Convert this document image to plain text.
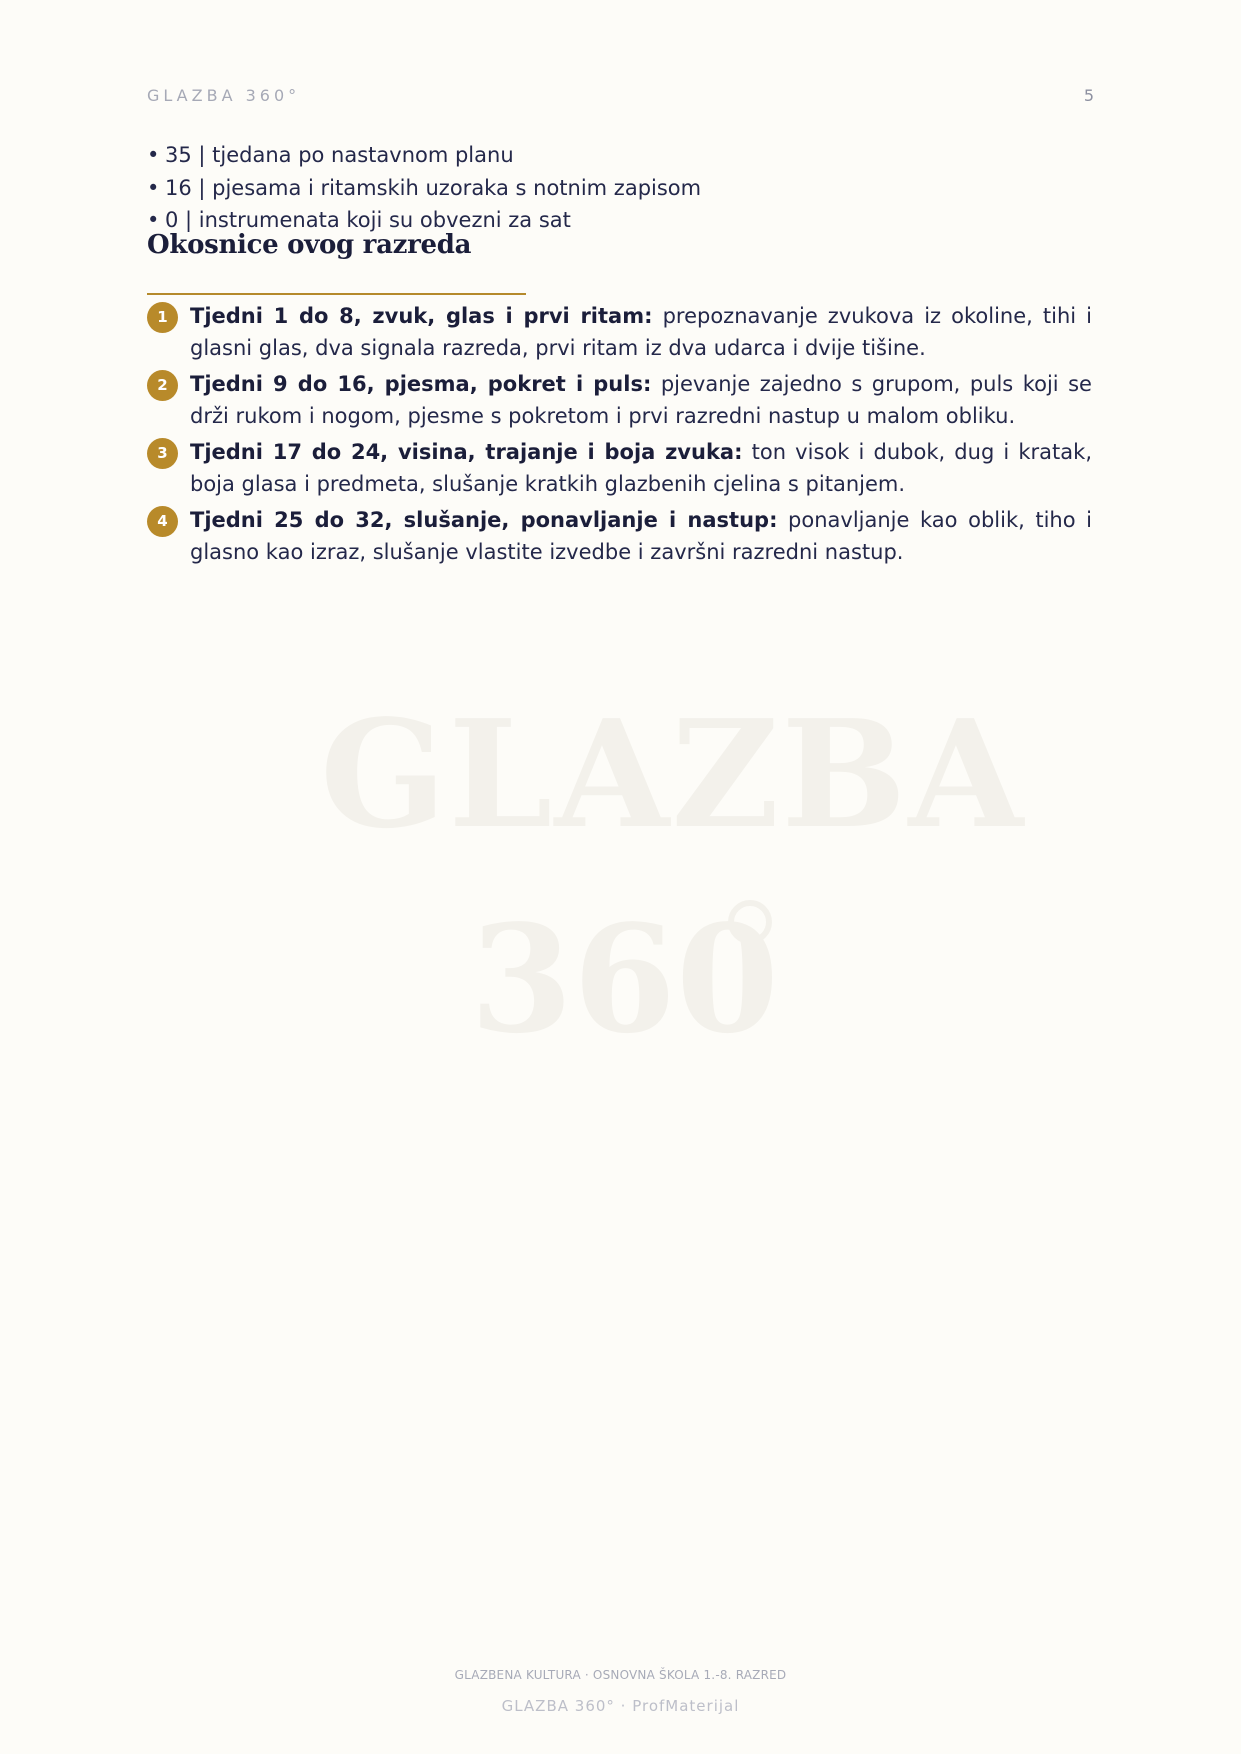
GLAZBA
360
GLAZBA 360°	5
• 35 | tjedana po nastavnom planu
• 16 | pjesama i ritamskih uzoraka s notnim zapisom
• 0 | instrumenata koji su obvezni za sat
Okosnice ovog razreda
1	Tjedni 1 do 8, zvuk, glas i prvi ritam: prepoznavanje zvukova iz okoline, tihi i glasni glas, dva signala razreda, prvi ritam iz dva udarca i dvije tišine.
2	Tjedni 9 do 16, pjesma, pokret i puls: pjevanje zajedno s grupom, puls koji se drži rukom i nogom, pjesme s pokretom i prvi razredni nastup u malom obliku.
3	Tjedni 17 do 24, visina, trajanje i boja zvuka: ton visok i dubok, dug i kratak, boja glasa i predmeta, slušanje kratkih glazbenih cjelina s pitanjem.
4	Tjedni 25 do 32, slušanje, ponavljanje i nastup: ponavljanje kao oblik, tiho i glasno kao izraz, slušanje vlastite izvedbe i završni razredni nastup.
GLAZBENA KULTURA · OSNOVNA ŠKOLA 1.-8. RAZRED
GLAZBA 360° · ProfMaterijal
